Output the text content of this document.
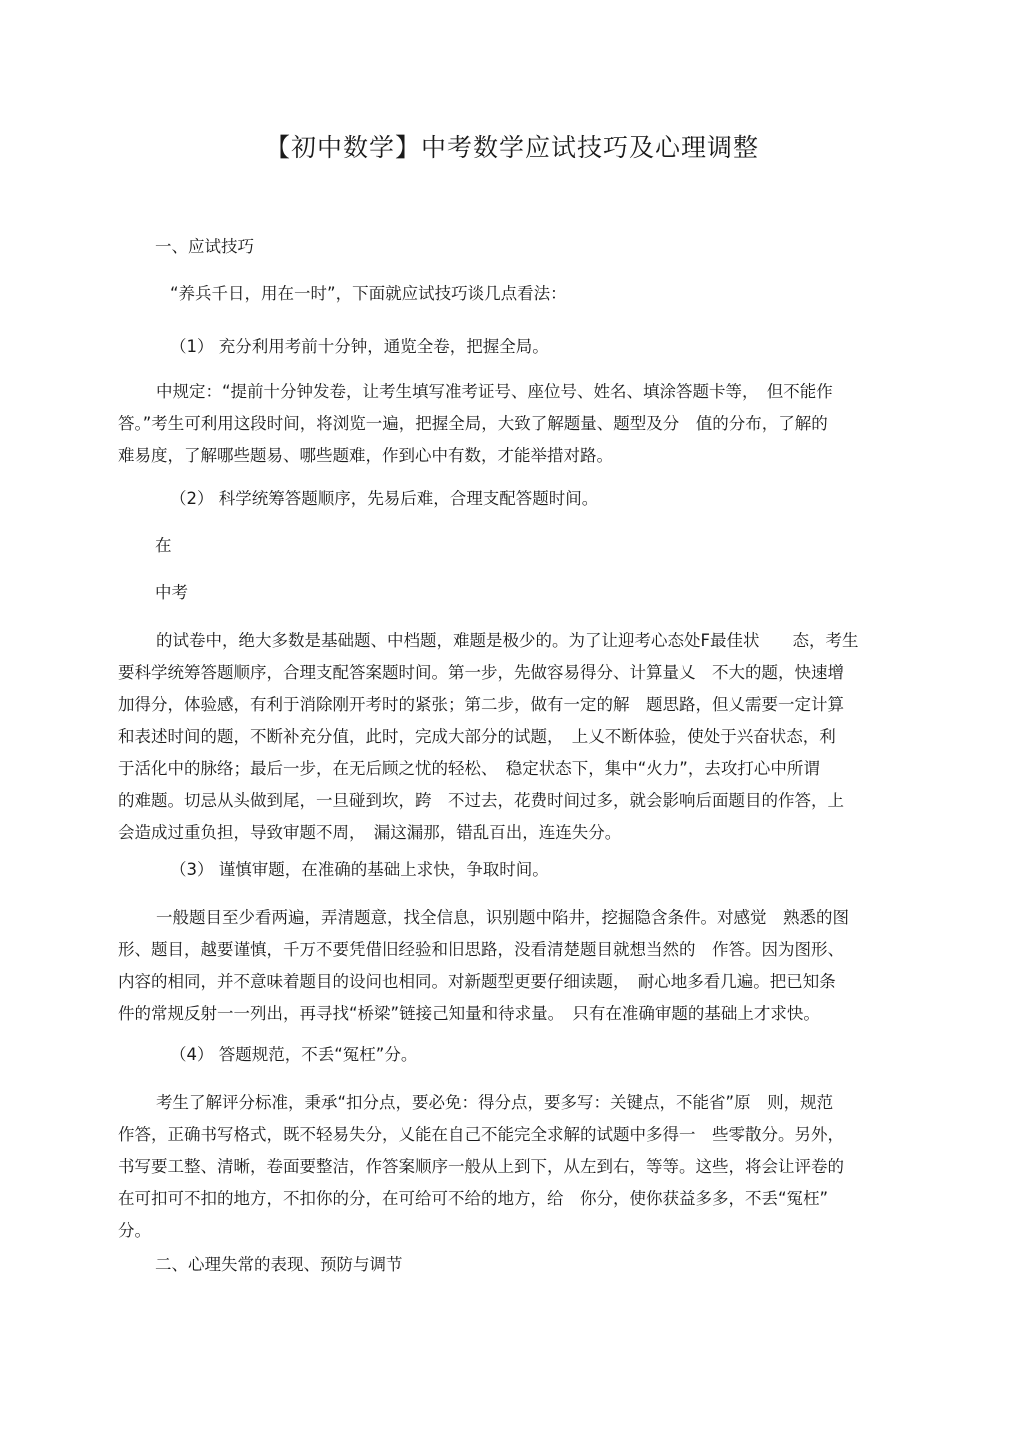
【初中数学】中考数学应试技巧及心理调整
一、应试技巧
“养兵千日，用在一时”，下面就应试技巧谈几点看法：
（1） 充分利用考前十分钟，通览全卷，把握全局。

中规定：“提前十分钟发卷，让考生填写准考证号、座位号、姓名、填涂答题卡等，　但不能作

答。”考生可利用这段时间，将浏览一遍，把握全局，大致了解题量、题型及分　值的分布，了解的

难易度，了解哪些题易、哪些题难，作到心中有数，才能举措对路。

（2） 科学统筹答题顺序，先易后难，合理支配答题时间。
在
中考

的试卷中，绝大多数是基础题、中档题，难题是极少的。为了让迎考心态处F最佳状　　态，考生

要科学统筹答题顺序，合理支配答案题时间。第一步，先做容易得分、计算量乂　不大的题，快速增

加得分，体验感，有利于消除刚开考时的紧张；第二步，做有一定的解　题思路，但乂需要一定计算

和表述时间的题，不断补充分值，此时，完成大部分的试题，　上乂不断体验，使处于兴奋状态，利

于活化中的脉络；最后一步，在无后顾之忧的轻松、　稳定状态下，集中“火力”，去攻打心中所谓

的难题。切忌从头做到尾，一旦碰到坎，跨　不过去，花费时间过多，就会影响后面题目的作答，上

会造成过重负担，导致审题不周，　漏这漏那，错乱百出，连连失分。

（3） 谨慎审题，在准确的基础上求快，争取时间。

一般题目至少看两遍，弄清题意，找全信息，识别题中陷井，挖掘隐含条件。对感觉　熟悉的图

形、题目，越要谨慎，千万不要凭借旧经验和旧思路，没看清楚题目就想当然的　作答。因为图形、

内容的相同，并不意味着题目的设问也相同。对新题型更要仔细读题，　耐心地多看几遍。把已知条

件的常规反射一一列出，再寻找“桥梁”链接己知量和待求量。　只有在准确审题的基础上才求快。

（4） 答题规范，不丢“冤枉”分。

考生了解评分标准，秉承“扣分点，要必免：得分点，要多写：关键点，不能省”原　则，规范

作答，正确书写格式，既不轻易失分，乂能在自己不能完全求解的试题中多得一　些零散分。另外，

书写要工整、清晰，卷面要整洁，作答案顺序一般从上到下，从左到右，等等。这些，将会让评卷的

在可扣可不扣的地方，不扣你的分，在可给可不给的地方，给　你分，使你获益多多，不丢“冤枉”

分。

二、心理失常的表现、预防与调节
